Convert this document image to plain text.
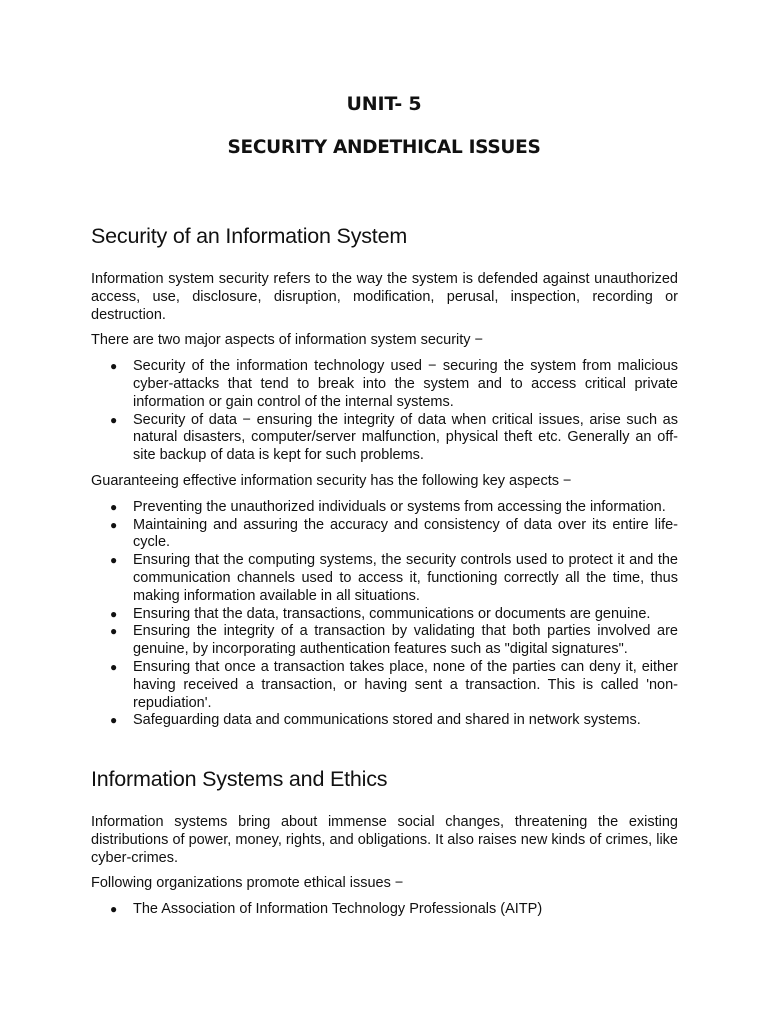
UNIT- 5
SECURITY ANDETHICAL ISSUES
Security of an Information System

Information system security refers to the way the system is defended against unauthorized access, use, disclosure, disruption, modification, perusal, inspection, recording or destruction.

There are two major aspects of information system security −

● Security of the information technology used − securing the system from malicious cyber-attacks that tend to break into the system and to access critical private information or gain control of the internal systems.
● Security of data − ensuring the integrity of data when critical issues, arise such as natural disasters, computer/server malfunction, physical theft etc. Generally an off-site backup of data is kept for such problems.

Guaranteeing effective information security has the following key aspects −

● Preventing the unauthorized individuals or systems from accessing the information.
● Maintaining and assuring the accuracy and consistency of data over its entire life-cycle.
● Ensuring that the computing systems, the security controls used to protect it and the communication channels used to access it, functioning correctly all the time, thus making information available in all situations.
● Ensuring that the data, transactions, communications or documents are genuine.
● Ensuring the integrity of a transaction by validating that both parties involved are genuine, by incorporating authentication features such as "digital signatures".
● Ensuring that once a transaction takes place, none of the parties can deny it, either having received a transaction, or having sent a transaction. This is called 'non-repudiation'.
● Safeguarding data and communications stored and shared in network systems.
Information Systems and Ethics

Information systems bring about immense social changes, threatening the existing distributions of power, money, rights, and obligations. It also raises new kinds of crimes, like cyber-crimes.

Following organizations promote ethical issues −

● The Association of Information Technology Professionals (AITP)
